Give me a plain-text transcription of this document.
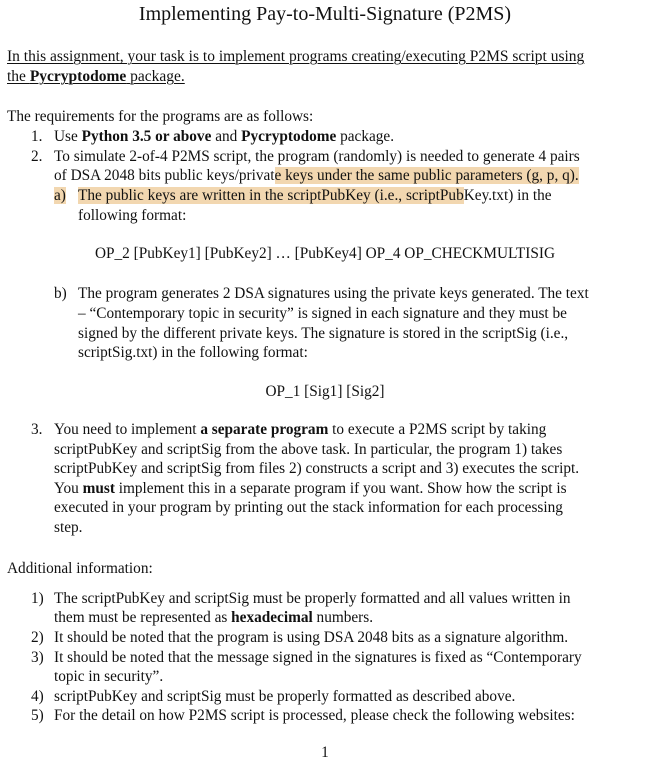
Implementing Pay-to-Multi-Signature (P2MS)
In this assignment, your task is to implement programs creating/executing P2MS script using
the Pycryptodome package.
The requirements for the programs are as follows:
1. Use Python 3.5 or above and Pycryptodome package.
2. To simulate 2-of-4 P2MS script, the program (randomly) is needed to generate 4 pairs
of DSA 2048 bits public keys/private keys under the same public parameters (g, p, q).
a) The public keys are written in the scriptPubKey (i.e., scriptPubKey.txt) in the
following format:
OP_2 [PubKey1] [PubKey2] … [PubKey4] OP_4 OP_CHECKMULTISIG
b) The program generates 2 DSA signatures using the private keys generated. The text
– “Contemporary topic in security” is signed in each signature and they must be
signed by the different private keys. The signature is stored in the scriptSig (i.e.,
scriptSig.txt) in the following format:
OP_1 [Sig1] [Sig2]
3. You need to implement a separate program to execute a P2MS script by taking
scriptPubKey and scriptSig from the above task. In particular, the program 1) takes
scriptPubKey and scriptSig from files 2) constructs a script and 3) executes the script.
You must implement this in a separate program if you want. Show how the script is
executed in your program by printing out the stack information for each processing
step.
Additional information:
1) The scriptPubKey and scriptSig must be properly formatted and all values written in
them must be represented as hexadecimal numbers.
2) It should be noted that the program is using DSA 2048 bits as a signature algorithm.
3) It should be noted that the message signed in the signatures is fixed as “Contemporary
topic in security”.
4) scriptPubKey and scriptSig must be properly formatted as described above.
5) For the detail on how P2MS script is processed, please check the following websites:
1
